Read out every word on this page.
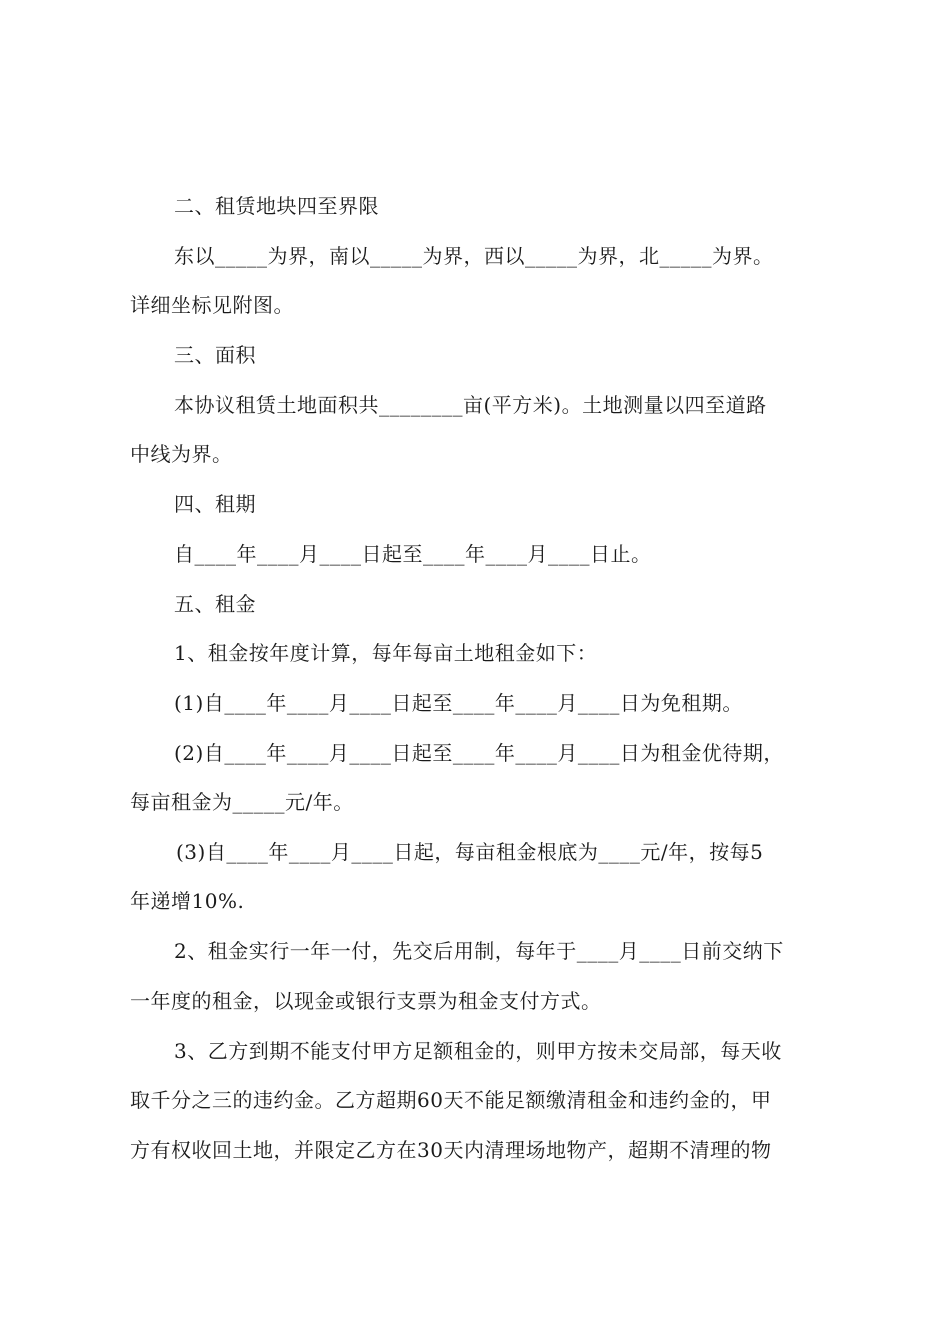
二、租赁地块四至界限
东以_____为界，南以_____为界，西以_____为界，北_____为界。
详细坐标见附图。
三、面积
本协议租赁土地面积共________亩(平方米)。土地测量以四至道路
中线为界。
四、租期
自____年____月____日起至____年____月____日止。
五、租金
1、租金按年度计算，每年每亩土地租金如下：
(1)自____年____月____日起至____年____月____日为免租期。
(2)自____年____月____日起至____年____月____日为租金优待期，
每亩租金为_____元/年。
(3)自____年____月____日起，每亩租金根底为____元/年，按每5
年递增10%.
2、租金实行一年一付，先交后用制，每年于____月____日前交纳下
一年度的租金，以现金或银行支票为租金支付方式。
3、乙方到期不能支付甲方足额租金的，则甲方按未交局部，每天收
取千分之三的违约金。乙方超期60天不能足额缴清租金和违约金的，甲
方有权收回土地，并限定乙方在30天内清理场地物产，超期不清理的物
